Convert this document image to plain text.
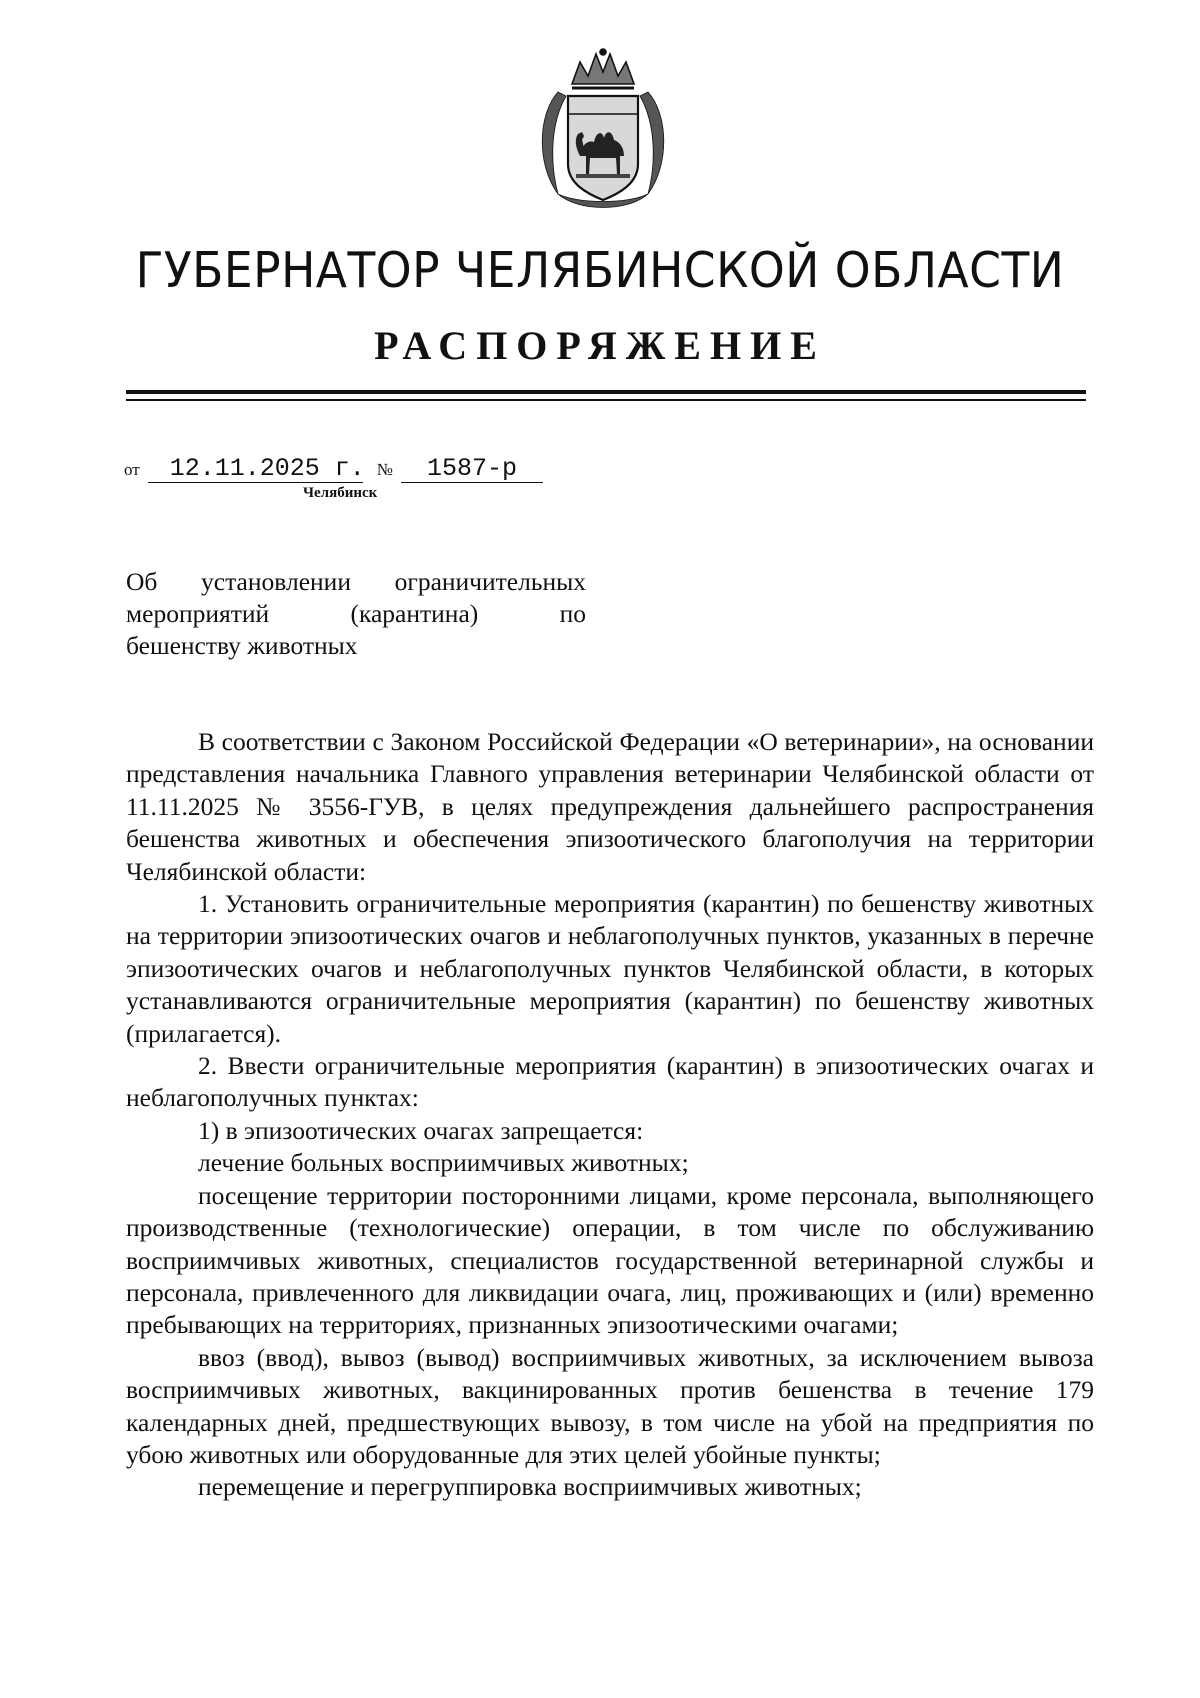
ГУБЕРНАТОР ЧЕЛЯБИНСКОЙ ОБЛАСТИ
РАСПОРЯЖЕНИЕ
от 12.11.2025 г. № 1587-р
Челябинск
Об установлении ограничительных
мероприятий (карантина) по
бешенству животных

В соответствии с Законом Российской Федерации «О ветеринарии», на основании представления начальника Главного управления ветеринарии Челябинской области от 11.11.2025 № 3556-ГУВ, в целях предупреждения дальнейшего распространения бешенства животных и обеспечения эпизоотического благополучия на территории Челябинской области:

1. Установить ограничительные мероприятия (карантин) по бешенству животных на территории эпизоотических очагов и неблагополучных пунктов, указанных в перечне эпизоотических очагов и неблагополучных пунктов Челябинской области, в которых устанавливаются ограничительные мероприятия (карантин) по бешенству животных (прилагается).

2. Ввести ограничительные мероприятия (карантин) в эпизоотических очагах и неблагополучных пунктах:

1) в эпизоотических очагах запрещается:

лечение больных восприимчивых животных;

посещение территории посторонними лицами, кроме персонала, выполняющего производственные (технологические) операции, в том числе по обслуживанию восприимчивых животных, специалистов государственной ветеринарной службы и персонала, привлеченного для ликвидации очага, лиц, проживающих и (или) временно пребывающих на территориях, признанных эпизоотическими очагами;

ввоз (ввод), вывоз (вывод) восприимчивых животных, за исключением вывоза восприимчивых животных, вакцинированных против бешенства в течение 179 календарных дней, предшествующих вывозу, в том числе на убой на предприятия по убою животных или оборудованные для этих целей убойные пункты;

перемещение и перегруппировка восприимчивых животных;
